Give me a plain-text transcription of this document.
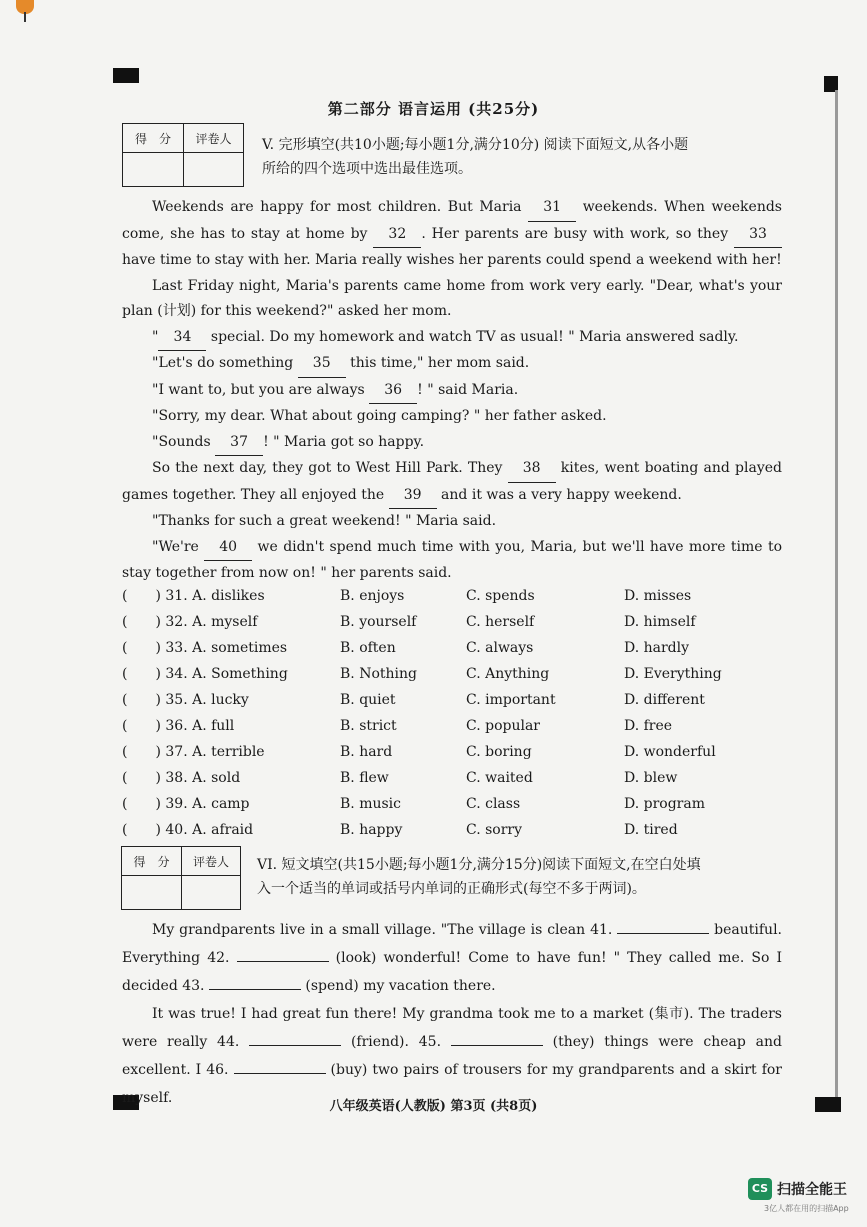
第二部分 语言运用 (共25分)
得　分	评卷人
	V. 完形填空(共10小题;每小题1分,满分10分) 阅读下面短文,从各小题
所给的四个选项中选出最佳选项。
Weekends are happy for most children. But Maria 31 weekends. When weekends come, she has to stay at home by 32 . Her parents are busy with work, so they 33 have time to stay with her. Maria really wishes her parents could spend a weekend with her!
Last Friday night, Maria's parents came home from work very early. "Dear, what's your plan (计划) for this weekend?" asked her mom.
" 34 special. Do my homework and watch TV as usual! " Maria answered sadly.
"Let's do something 35 this time," her mom said.
"I want to, but you are always 36 ! " said Maria.
"Sorry, my dear. What about going camping? " her father asked.
"Sounds 37 ! " Maria got so happy.
So the next day, they got to West Hill Park. They 38 kites, went boating and played games together. They all enjoyed the 39 and it was a very happy weekend.
"Thanks for such a great weekend! " Maria said.
"We're 40 we didn't spend much time with you, Maria, but we'll have more time to stay together from now on! " her parents said.
(　　) 31. A. dislikes	B. enjoys	C. spends	D. misses
(　　) 32. A. myself	B. yourself	C. herself	D. himself
(　　) 33. A. sometimes	B. often	C. always	D. hardly
(　　) 34. A. Something	B. Nothing	C. Anything	D. Everything
(　　) 35. A. lucky	B. quiet	C. important	D. different
(　　) 36. A. full	B. strict	C. popular	D. free
(　　) 37. A. terrible	B. hard	C. boring	D. wonderful
(　　) 38. A. sold	B. flew	C. waited	D. blew
(　　) 39. A. camp	B. music	C. class	D. program
(　　) 40. A. afraid	B. happy	C. sorry	D. tired
得　分	评卷人
	VI. 短文填空(共15小题;每小题1分,满分15分)阅读下面短文,在空白处填
入一个适当的单词或括号内单词的正确形式(每空不多于两词)。
My grandparents live in a small village. "The village is clean 41.	beautiful. Everything 42.	(look) wonderful! Come to have fun! " They called me. So I decided 43.	(spend) my vacation there.
It was true! I had great fun there! My grandma took me to a market (集市). The traders were really 44.	(friend). 45.	(they) things were cheap and excellent. I 46.	(buy) two pairs of trousers for my grandparents and a skirt for myself.
八年级英语(人教版) 第3页 (共8页)
CS 扫描全能王
3亿人都在用的扫描App
